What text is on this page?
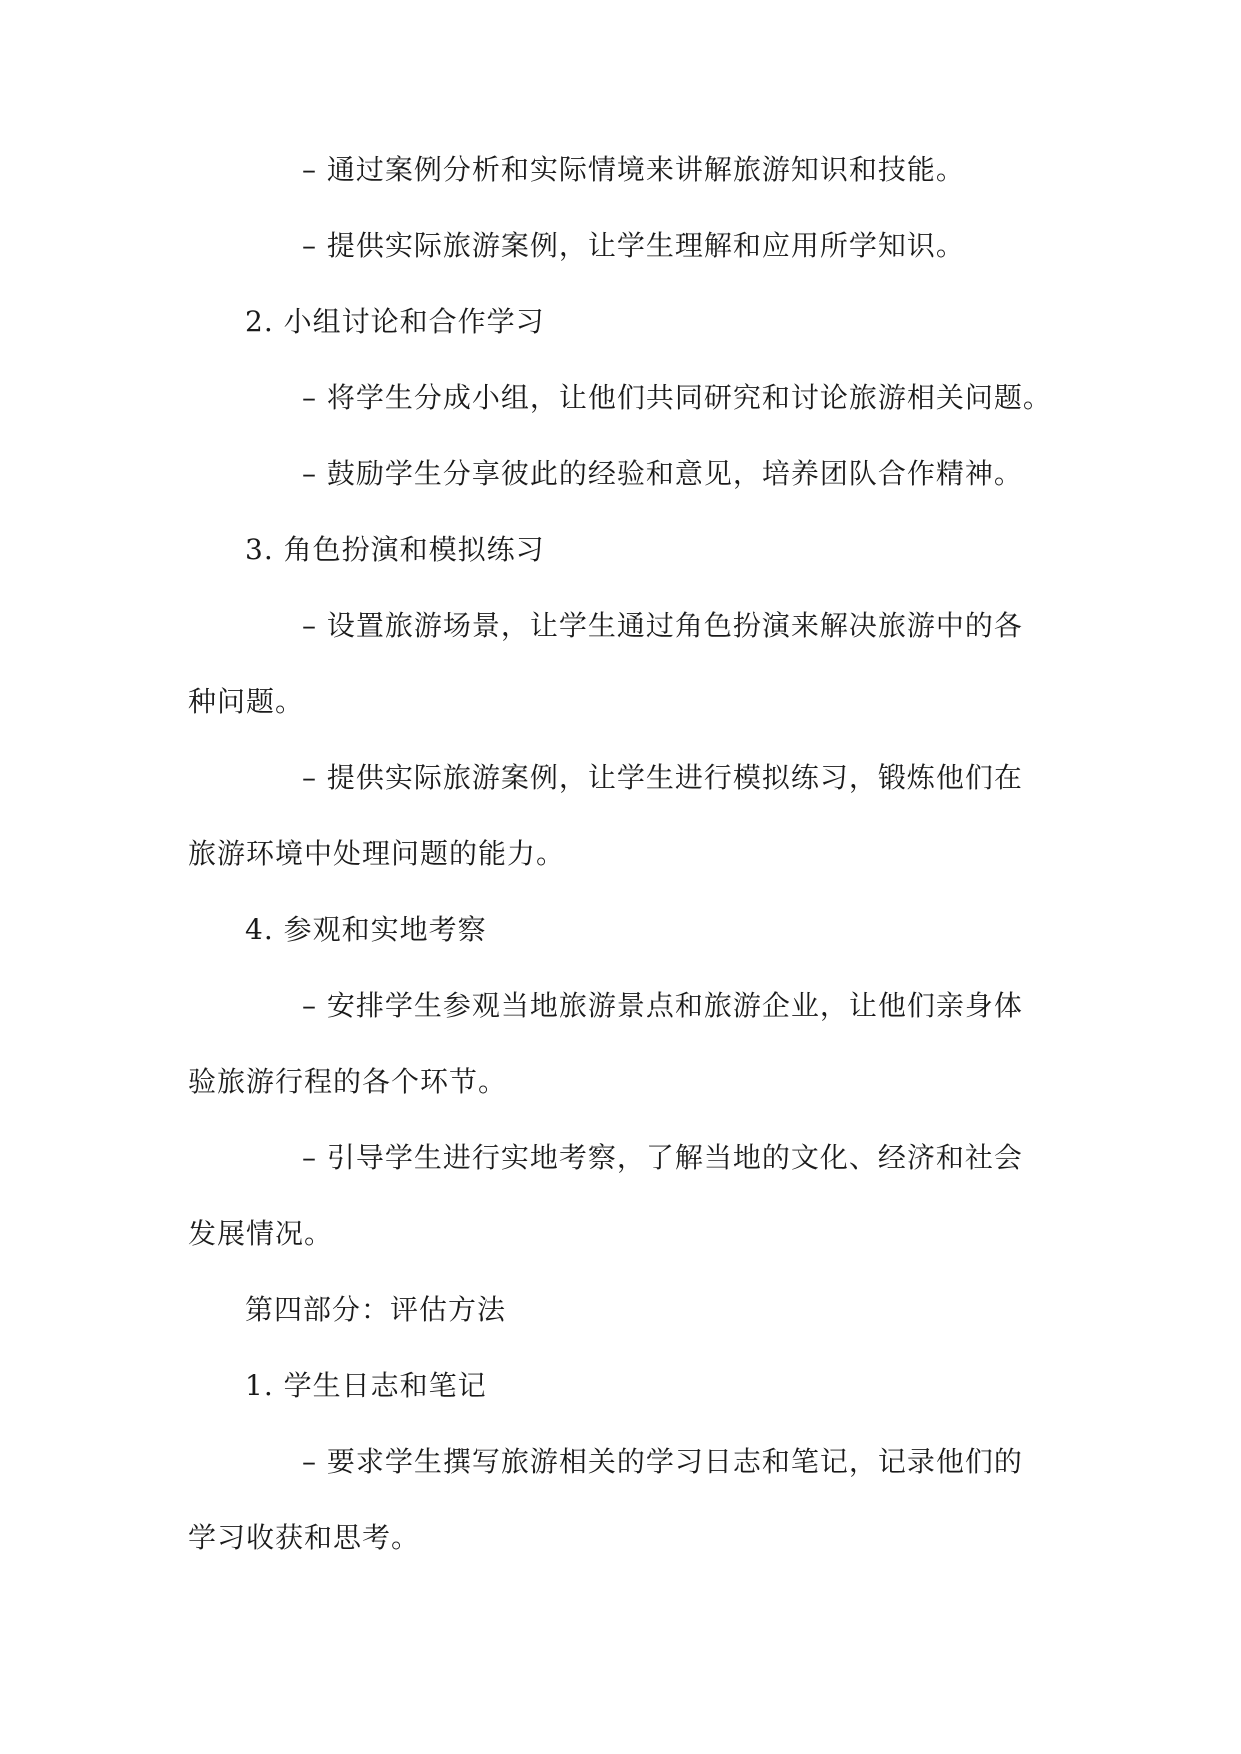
– 通过案例分析和实际情境来讲解旅游知识和技能。
– 提供实际旅游案例，让学生理解和应用所学知识。
2. 小组讨论和合作学习
– 将学生分成小组，让他们共同研究和讨论旅游相关问题。
– 鼓励学生分享彼此的经验和意见，培养团队合作精神。
3. 角色扮演和模拟练习
– 设置旅游场景，让学生通过角色扮演来解决旅游中的各
种问题。
– 提供实际旅游案例，让学生进行模拟练习，锻炼他们在
旅游环境中处理问题的能力。
4. 参观和实地考察
– 安排学生参观当地旅游景点和旅游企业，让他们亲身体
验旅游行程的各个环节。
– 引导学生进行实地考察，了解当地的文化、经济和社会
发展情况。
第四部分：评估方法
1. 学生日志和笔记
– 要求学生撰写旅游相关的学习日志和笔记，记录他们的
学习收获和思考。
